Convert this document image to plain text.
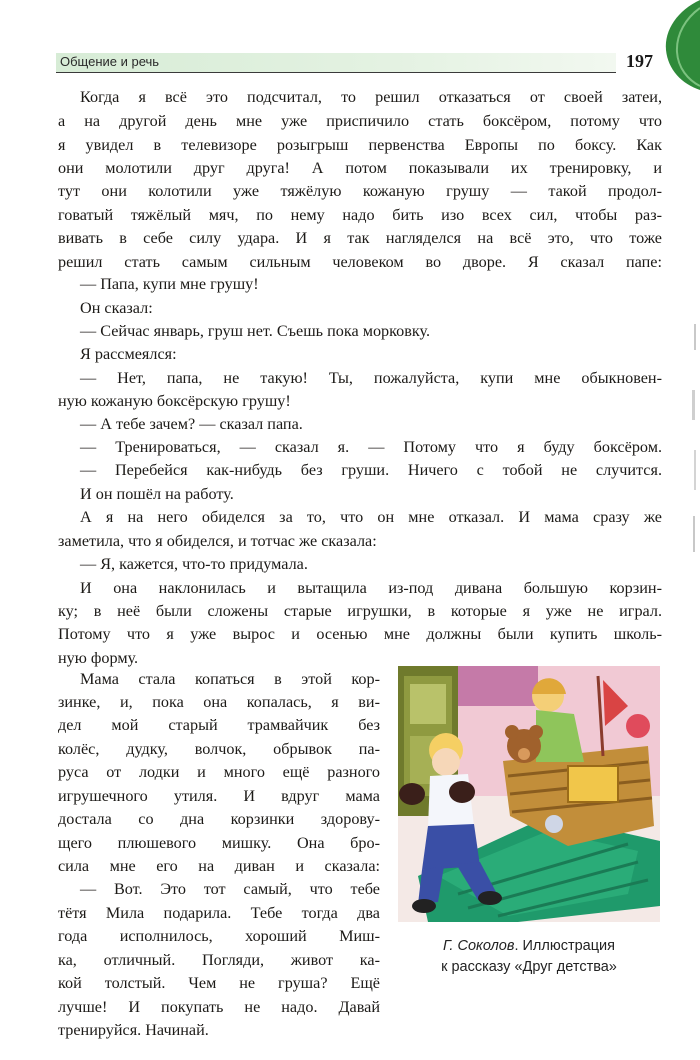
Общение и речь	197
Когда я всё это подсчитал, то решил отказаться от своей затеи,
а на другой день мне уже приспичило стать боксёром, потому что
я увидел в телевизоре розыгрыш первенства Европы по боксу. Как
они молотили друг друга! А потом показывали их тренировку, и
тут они колотили уже тяжёлую кожаную грушу — такой продол-
говатый тяжёлый мяч, по нему надо бить изо всех сил, чтобы раз-
вивать в себе силу удара. И я так нагляделся на всё это, что тоже
решил стать самым сильным человеком во дворе. Я сказал папе:
— Папа, купи мне грушу!
Он сказал:
— Сейчас январь, груш нет. Съешь пока морковку.
Я рассмеялся:
— Нет, папа, не такую! Ты, пожалуйста, купи мне обыкновен-
ную кожаную боксёрскую грушу!
— А тебе зачем? — сказал папа.
— Тренироваться, — сказал я. — Потому что я буду боксёром.
— Перебейся как-нибудь без груши. Ничего с тобой не случится.
И он пошёл на работу.
А я на него обиделся за то, что он мне отказал. И мама сразу же
заметила, что я обиделся, и тотчас же сказала:
— Я, кажется, что-то придумала.
И она наклонилась и вытащила из-под дивана большую корзин-
ку; в неё были сложены старые игрушки, в которые я уже не играл.
Потому что я уже вырос и осенью мне должны были купить школь-
ную форму.
Мама стала копаться в этой кор-
зинке, и, пока она копалась, я ви-
дел мой старый трамвайчик без
колёс, дудку, волчок, обрывок па-
руса от лодки и много ещё разного
игрушечного утиля. И вдруг мама
достала со дна корзинки здорову-
щего плюшевого мишку. Она бро-
сила мне его на диван и сказала:
— Вот. Это тот самый, что тебе
тётя Мила подарила. Тебе тогда два
года исполнилось, хороший Миш-
ка, отличный. Погляди, живот ка-
кой толстый. Чем не груша? Ещё
лучше! И покупать не надо. Давай
тренируйся. Начинай.
Г. Соколов. Иллюстрация
к рассказу «Друг детства»
